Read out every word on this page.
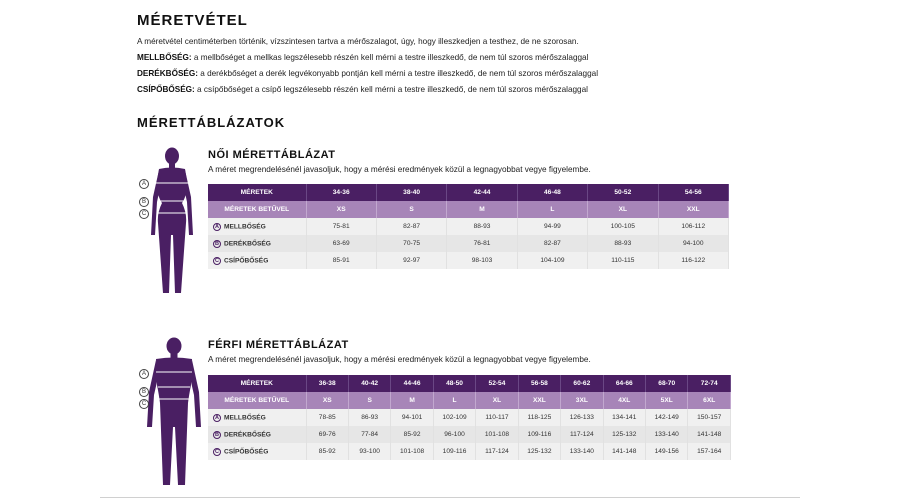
MÉRETVÉTEL
A méretvétel centiméterben történik, vízszintesen tartva a mérőszalagot, úgy, hogy illeszkedjen a testhez, de ne szorosan.
MELLBŐSÉG: a mellbőséget a mellkas legszélesebb részén kell mérni a testre illeszkedő, de nem túl szoros mérőszalaggal
DERÉKBŐSÉG: a derékbőséget a derék legvékonyabb pontján kell mérni a testre illeszkedő, de nem túl szoros mérőszalaggal
CSÍPŐBŐSÉG: a csípőbőséget a csípő legszélesebb részén kell mérni a testre illeszkedő, de nem túl szoros mérőszalaggal
MÉRETTÁBLÁZATOK
A
B
C
NŐI MÉRETTÁBLÁZAT
A méret megrendelésénél javasoljuk, hogy a mérési eredmények közül a legnagyobbat vegye figyelembe.
MÉRETEK	34-36	38-40	42-44	46-48	50-52	54-56
MÉRETEK BETŰVEL	XS	S	M	L	XL	XXL
A MELLBŐSÉG	75-81	82-87	88-93	94-99	100-105	106-112
B DERÉKBŐSÉG	63-69	70-75	76-81	82-87	88-93	94-100
C CSÍPŐBŐSÉG	85-91	92-97	98-103	104-109	110-115	116-122
A
B
C
FÉRFI MÉRETTÁBLÁZAT
A méret megrendelésénél javasoljuk, hogy a mérési eredmények közül a legnagyobbat vegye figyelembe.
MÉRETEK	36-38	40-42	44-46	48-50	52-54	56-58	60-62	64-66	68-70	72-74
MÉRETEK BETŰVEL	XS	S	M	L	XL	XXL	3XL	4XL	5XL	6XL
A MELLBŐSÉG	78-85	86-93	94-101	102-109	110-117	118-125	126-133	134-141	142-149	150-157
B DERÉKBŐSÉG	69-76	77-84	85-92	96-100	101-108	109-116	117-124	125-132	133-140	141-148
C CSÍPŐBŐSÉG	85-92	93-100	101-108	109-116	117-124	125-132	133-140	141-148	149-156	157-164
